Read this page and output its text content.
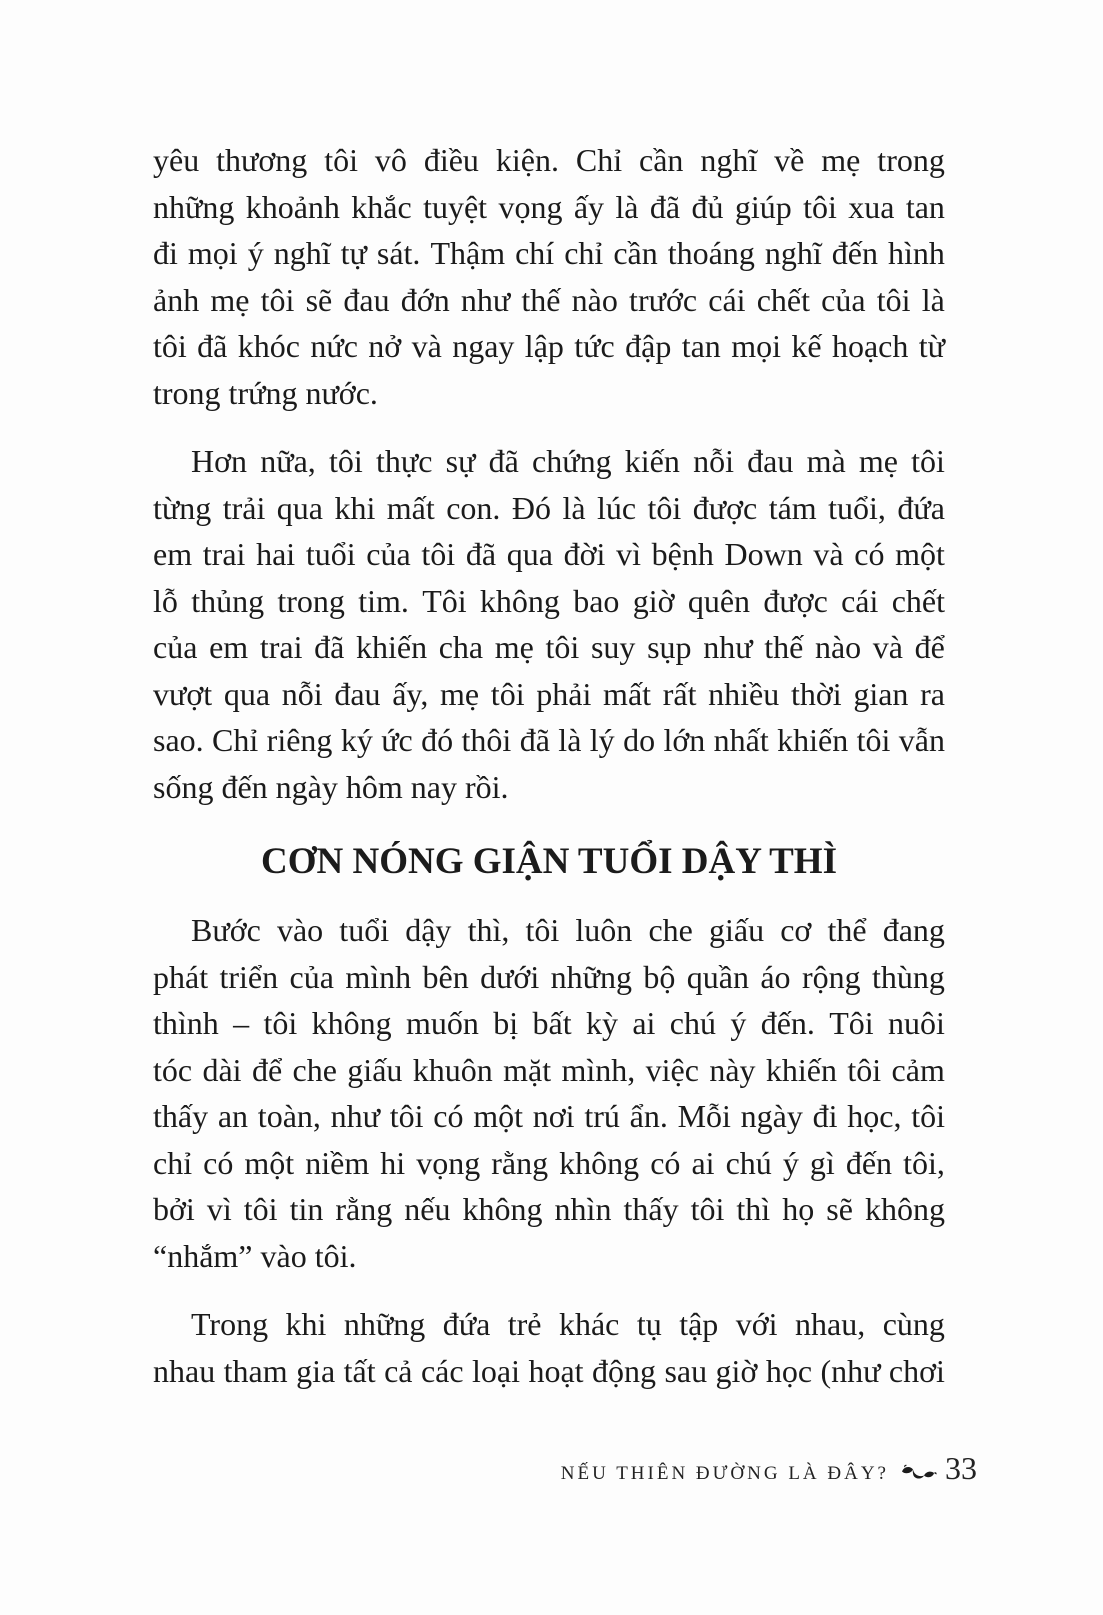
yêu thương tôi vô điều kiện. Chỉ cần nghĩ về mẹ trong
những khoảnh khắc tuyệt vọng ấy là đã đủ giúp tôi xua tan
đi mọi ý nghĩ tự sát. Thậm chí chỉ cần thoáng nghĩ đến hình
ảnh mẹ tôi sẽ đau đớn như thế nào trước cái chết của tôi là
tôi đã khóc nức nở và ngay lập tức đập tan mọi kế hoạch từ
trong trứng nước.
Hơn nữa, tôi thực sự đã chứng kiến nỗi đau mà mẹ tôi
từng trải qua khi mất con. Đó là lúc tôi được tám tuổi, đứa
em trai hai tuổi của tôi đã qua đời vì bệnh Down và có một
lỗ thủng trong tim. Tôi không bao giờ quên được cái chết
của em trai đã khiến cha mẹ tôi suy sụp như thế nào và để
vượt qua nỗi đau ấy, mẹ tôi phải mất rất nhiều thời gian ra
sao. Chỉ riêng ký ức đó thôi đã là lý do lớn nhất khiến tôi vẫn
sống đến ngày hôm nay rồi.
CƠN NÓNG GIẬN TUỔI DẬY THÌ
Bước vào tuổi dậy thì, tôi luôn che giấu cơ thể đang
phát triển của mình bên dưới những bộ quần áo rộng thùng
thình – tôi không muốn bị bất kỳ ai chú ý đến. Tôi nuôi
tóc dài để che giấu khuôn mặt mình, việc này khiến tôi cảm
thấy an toàn, như tôi có một nơi trú ẩn. Mỗi ngày đi học, tôi
chỉ có một niềm hi vọng rằng không có ai chú ý gì đến tôi,
bởi vì tôi tin rằng nếu không nhìn thấy tôi thì họ sẽ không
“nhắm” vào tôi.
Trong khi những đứa trẻ khác tụ tập với nhau, cùng
nhau tham gia tất cả các loại hoạt động sau giờ học (như chơi
NẾU THIÊN ĐƯỜNG LÀ ĐÂY? 33
